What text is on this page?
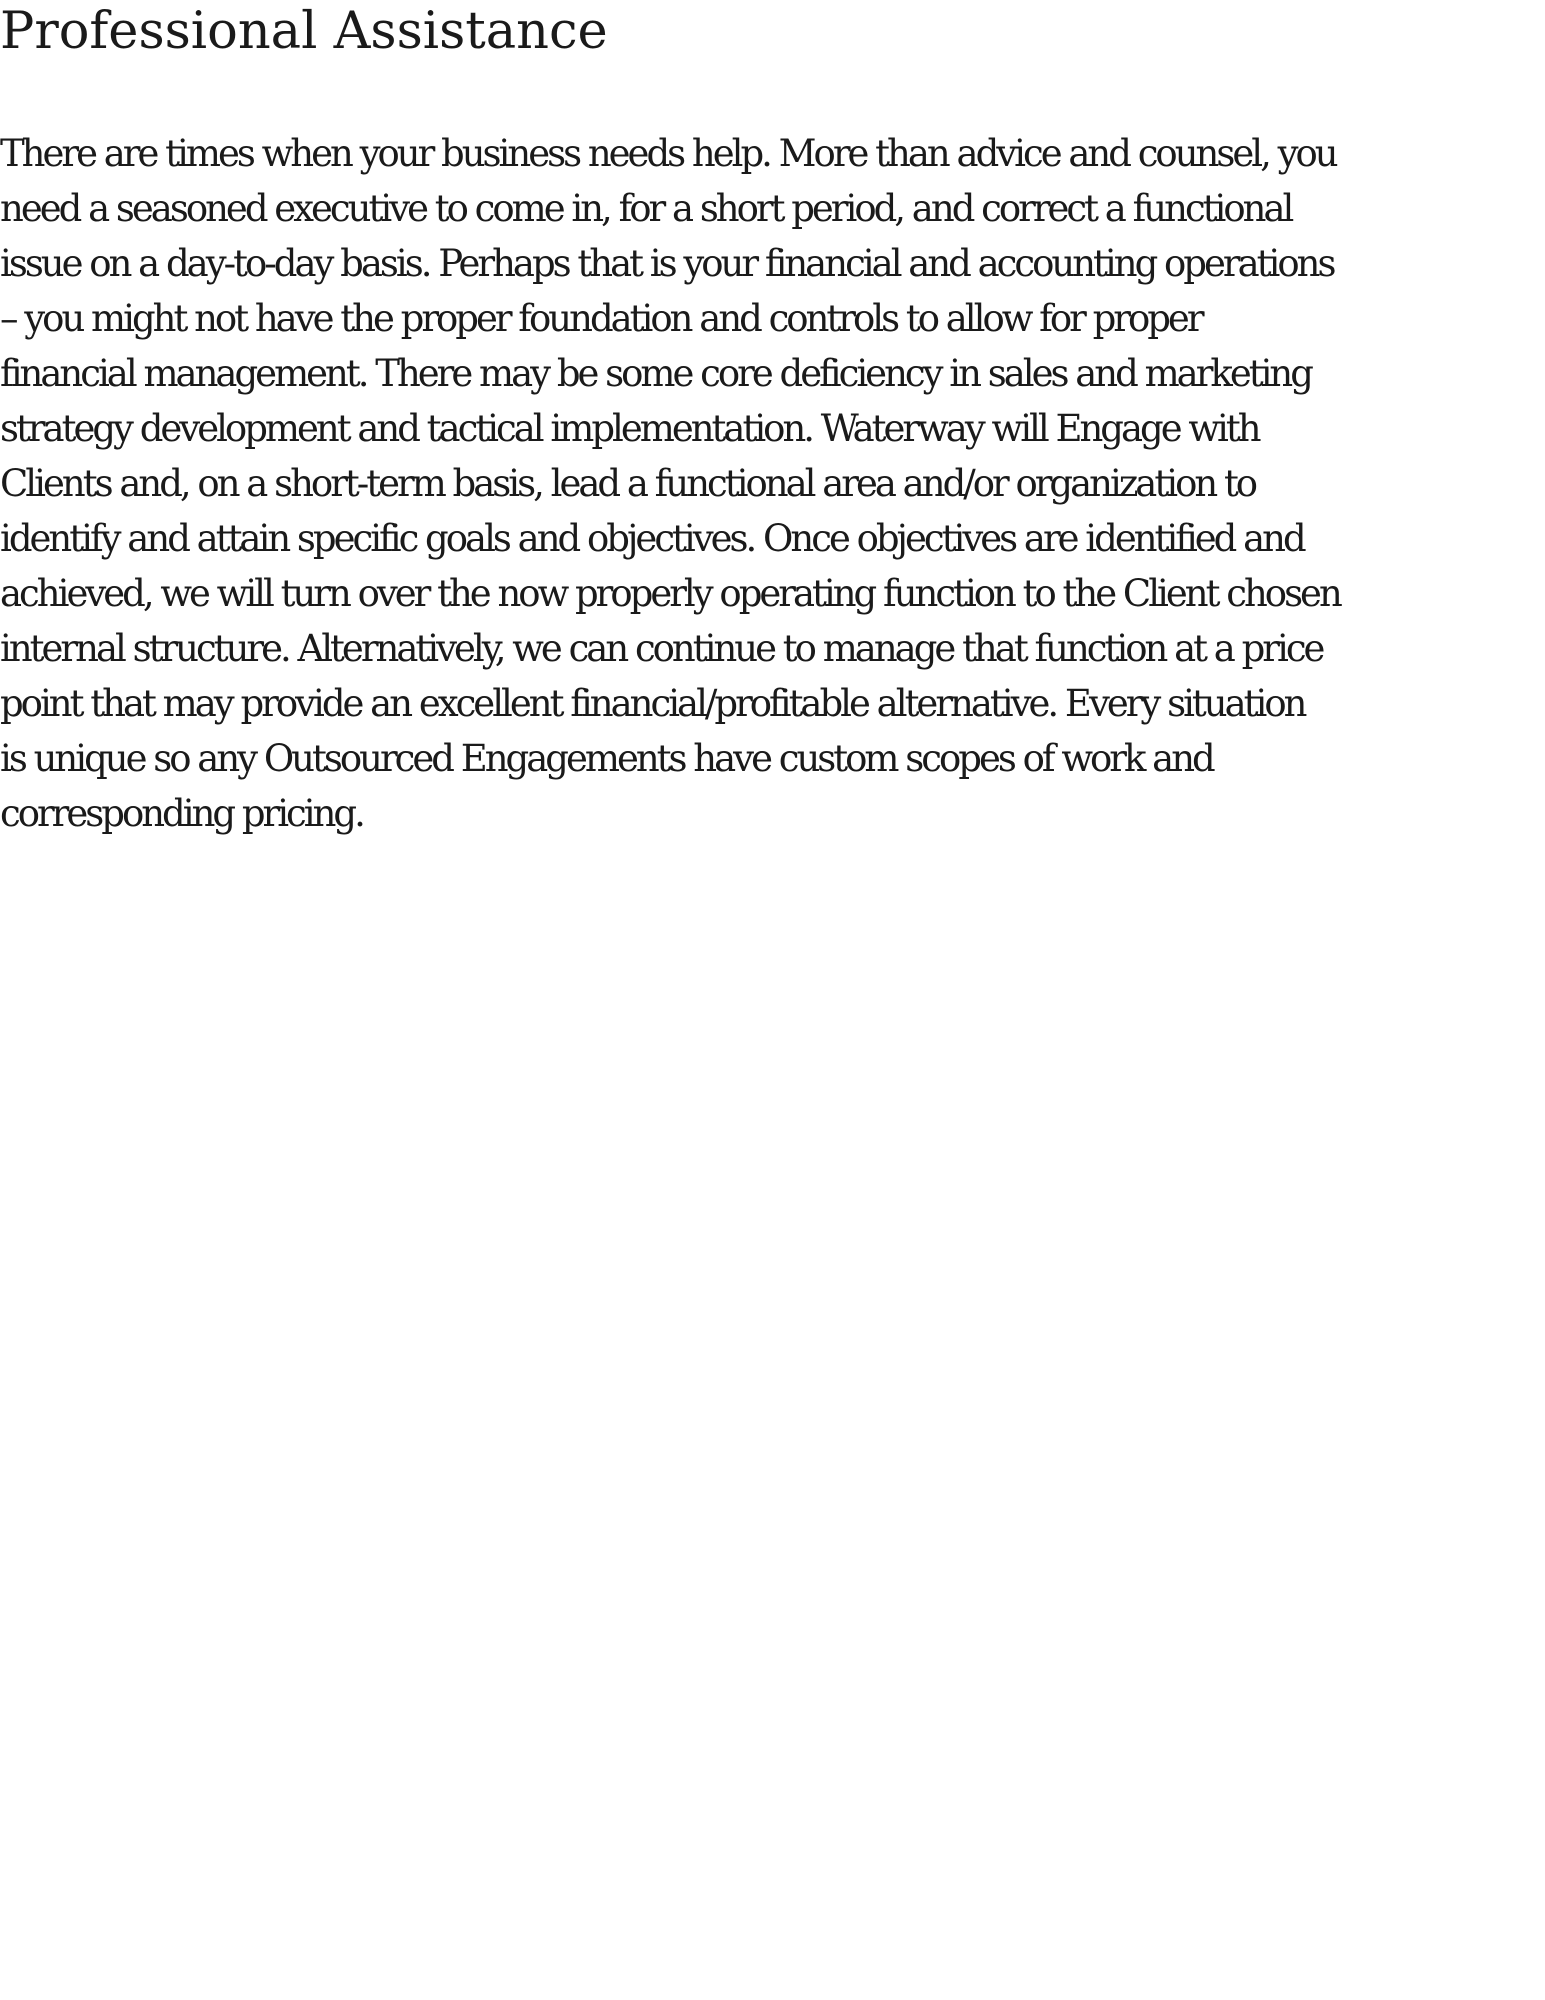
Professional Assistance

There are times when your business needs help. More than advice and counsel, you
need a seasoned executive to come in, for a short period, and correct a functional
issue on a day-to-day basis. Perhaps that is your financial and accounting operations
– you might not have the proper foundation and controls to allow for proper
financial management. There may be some core deficiency in sales and marketing
strategy development and tactical implementation. Waterway will Engage with
Clients and, on a short-term basis, lead a functional area and/or organization to
identify and attain specific goals and objectives. Once objectives are identified and
achieved, we will turn over the now properly operating function to the Client chosen
internal structure. Alternatively, we can continue to manage that function at a price
point that may provide an excellent financial/profitable alternative. Every situation
is unique so any Outsourced Engagements have custom scopes of work and
corresponding pricing.
